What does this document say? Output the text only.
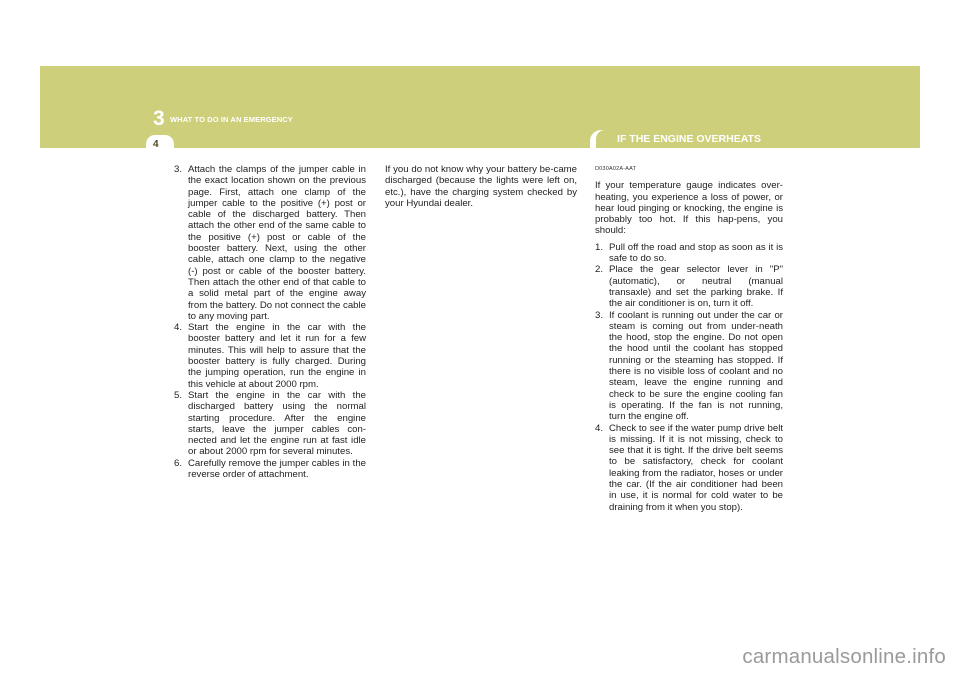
3 WHAT TO DO IN AN EMERGENCY
4	IF THE ENGINE OVERHEATS
3. Attach the clamps of the jumper cable in the exact location shown on the previous page. First, attach one clamp of the jumper cable to the positive (+) post or cable of the discharged battery. Then attach the other end of the same cable to the positive (+) post or cable of the booster battery. Next, using the other cable, attach one clamp to the negative (-) post or cable of the booster battery. Then attach the other end of that cable to a solid metal part of the engine away from the battery. Do not connect the cable to any moving part.
4. Start the engine in the car with the booster battery and let it run for a few minutes. This will help to assure that the booster battery is fully charged. During the jumping operation, run the engine in this vehicle at about 2000 rpm.
5. Start the engine in the car with the discharged battery using the normal starting procedure. After the engine starts, leave the jumper cables con-nected and let the engine run at fast idle or about 2000 rpm for several minutes.
6. Carefully remove the jumper cables in the reverse order of attachment.

If you do not know why your battery be-came discharged (because the lights were left on, etc.), have the charging system checked by your Hyundai dealer.

D030A02A-AAT

If your temperature gauge indicates over-heating, you experience a loss of power, or hear loud pinging or knocking, the engine is probably too hot. If this hap-pens, you should:

1. Pull off the road and stop as soon as it is safe to do so.
2. Place the gear selector lever in "P" (automatic), or neutral (manual transaxle) and set the parking brake. If the air conditioner is on, turn it off.
3. If coolant is running out under the car or steam is coming out from under-neath the hood, stop the engine. Do not open the hood until the coolant has stopped running or the steaming has stopped. If there is no visible loss of coolant and no steam, leave the engine running and check to be sure the engine cooling fan is operating. If the fan is not running, turn the engine off.
4. Check to see if the water pump drive belt is missing. If it is not missing, check to see that it is tight. If the drive belt seems to be satisfactory, check for coolant leaking from the radiator, hoses or under the car. (If the air conditioner had been in use, it is normal for cold water to be draining from it when you stop).
carmanualsonline.info
